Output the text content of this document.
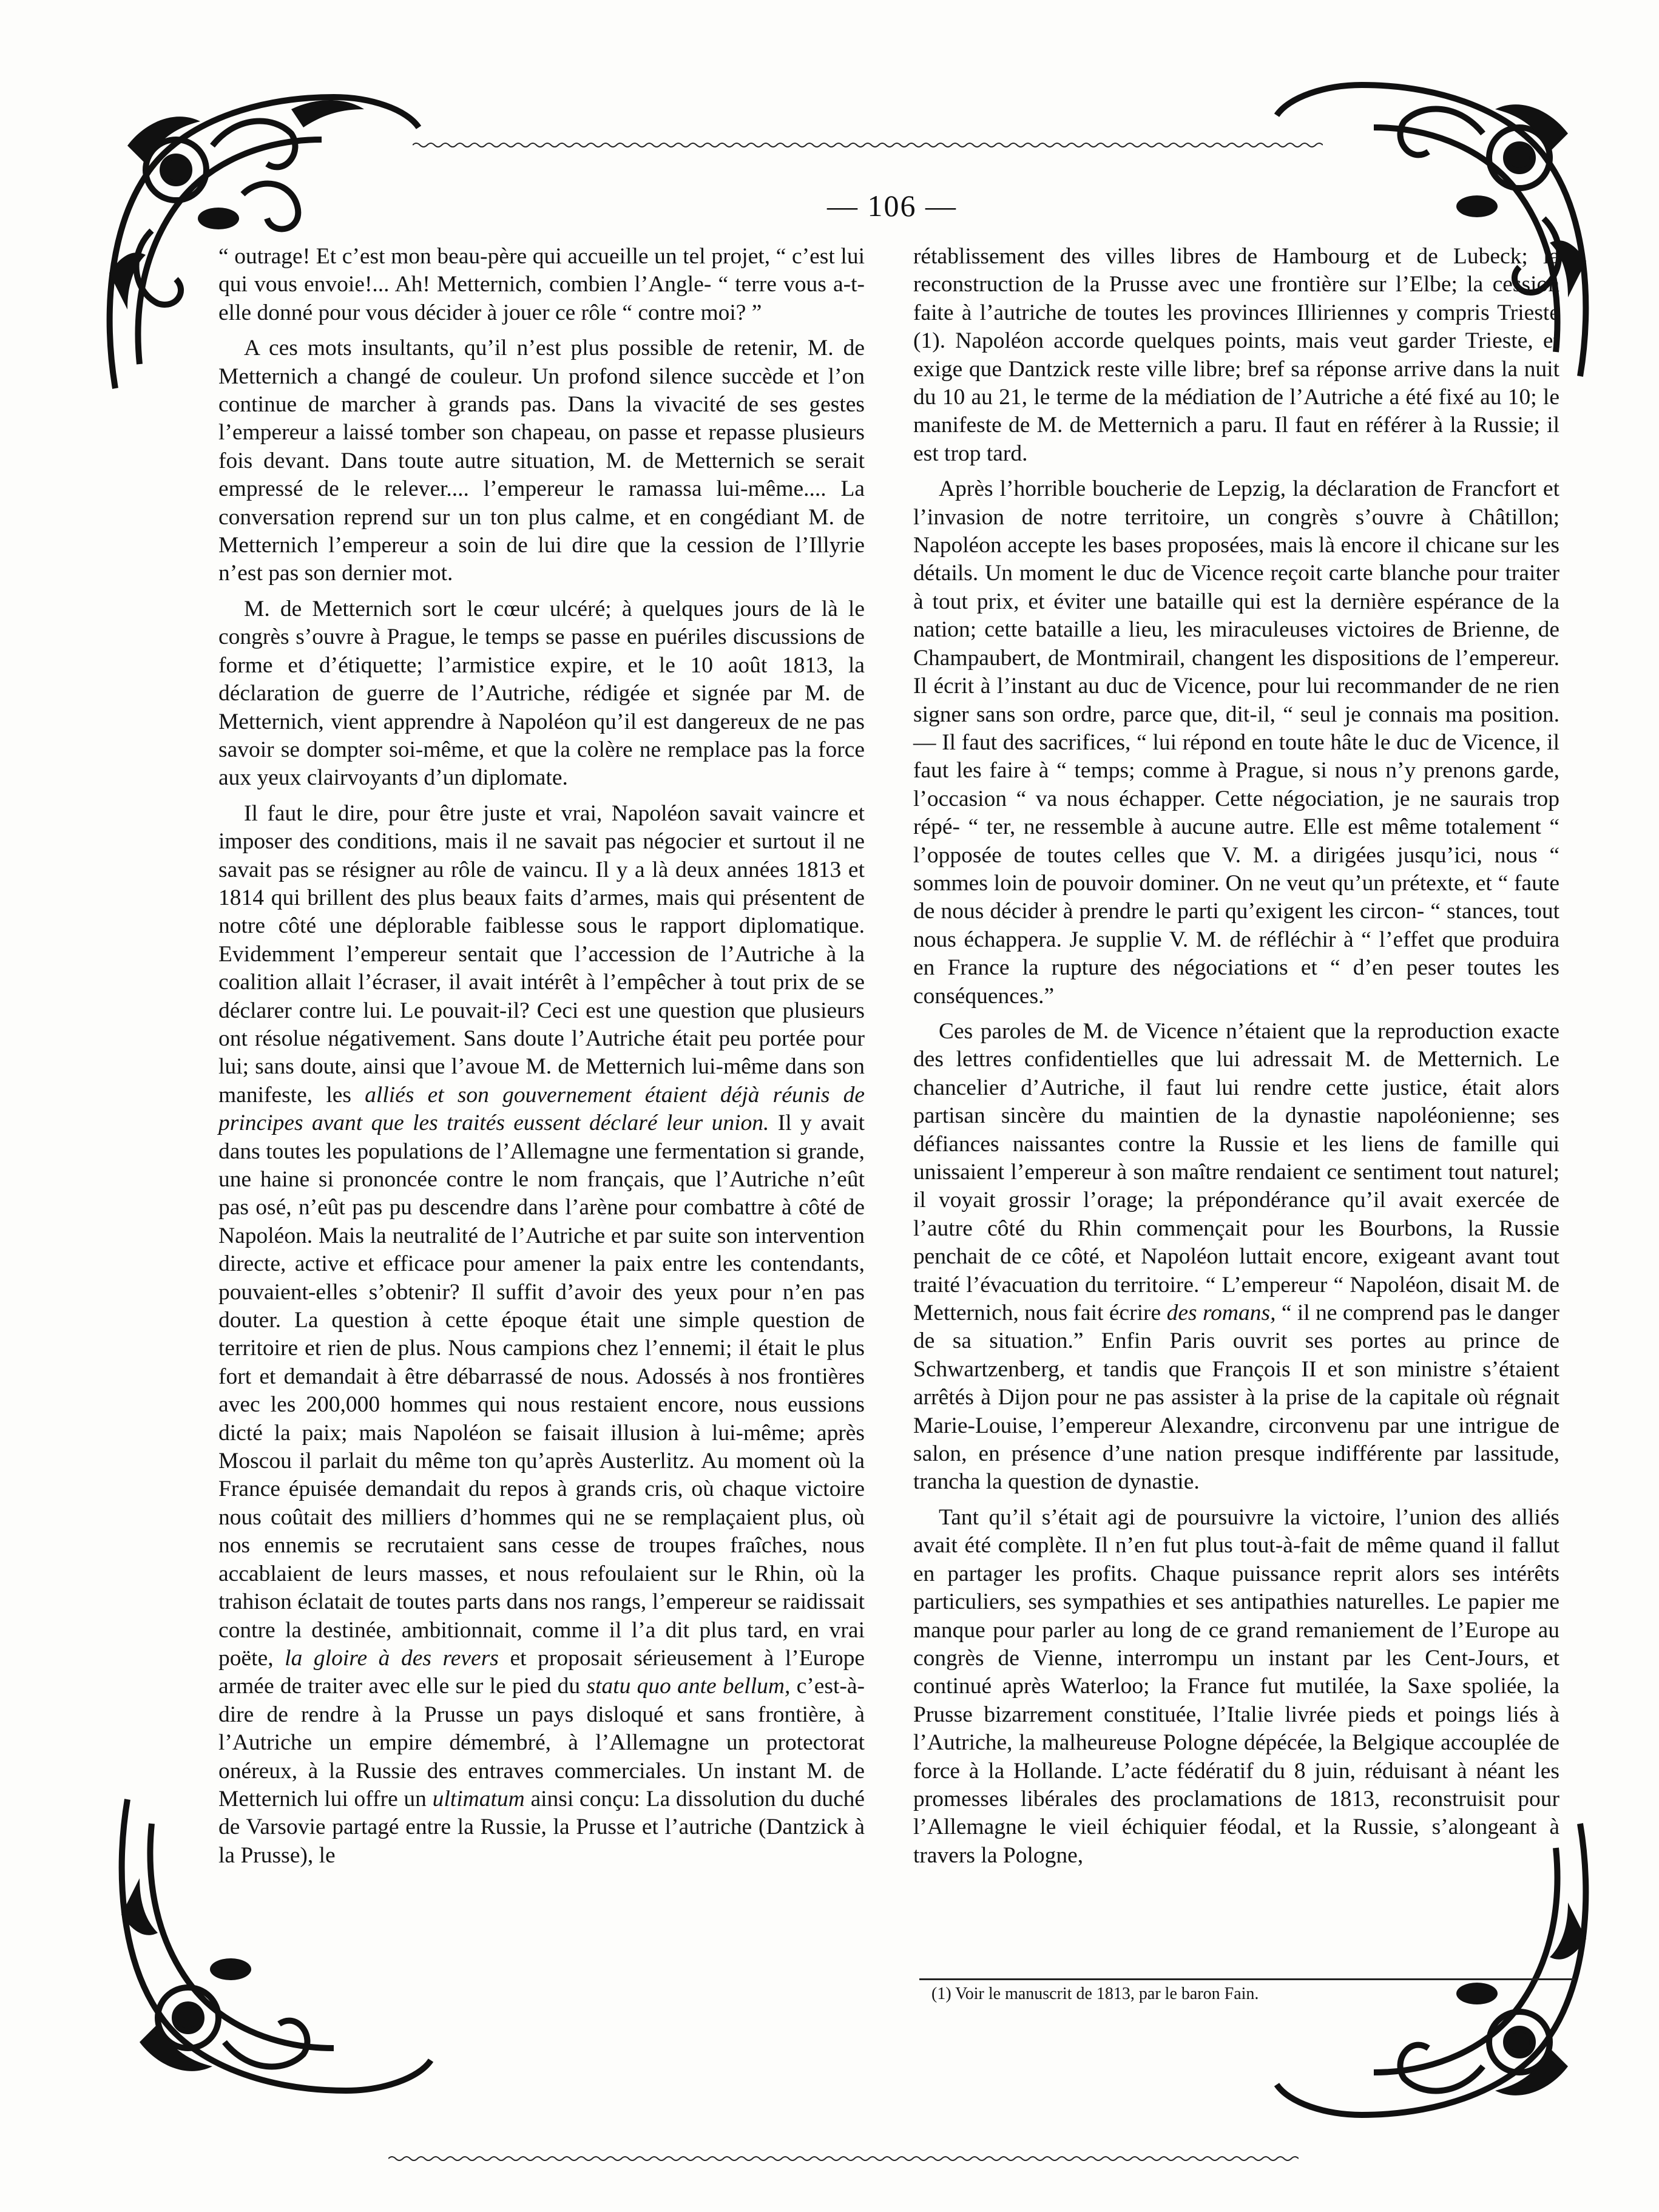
— 106 —

“ outrage! Et c’est mon beau-père qui accueille un tel projet, “ c’est lui qui vous envoie!... Ah! Metternich, combien l’Angle- “ terre vous a-t-elle donné pour vous décider à jouer ce rôle “ contre moi? ”

A ces mots insultants, qu’il n’est plus possible de retenir, M. de Metternich a changé de couleur. Un profond silence succède et l’on continue de marcher à grands pas. Dans la vivacité de ses gestes l’empereur a laissé tomber son chapeau, on passe et repasse plusieurs fois devant. Dans toute autre situation, M. de Metternich se serait empressé de le relever.... l’empereur le ramassa lui-même.... La conversation reprend sur un ton plus calme, et en congédiant M. de Metternich l’empereur a soin de lui dire que la cession de l’Illyrie n’est pas son dernier mot.

M. de Metternich sort le cœur ulcéré; à quelques jours de là le congrès s’ouvre à Prague, le temps se passe en puériles discussions de forme et d’étiquette; l’armistice expire, et le 10 août 1813, la déclaration de guerre de l’Autriche, rédigée et signée par M. de Metternich, vient apprendre à Napoléon qu’il est dangereux de ne pas savoir se dompter soi-même, et que la colère ne remplace pas la force aux yeux clairvoyants d’un diplomate.

Il faut le dire, pour être juste et vrai, Napoléon savait vaincre et imposer des conditions, mais il ne savait pas négocier et surtout il ne savait pas se résigner au rôle de vaincu. Il y a là deux années 1813 et 1814 qui brillent des plus beaux faits d’armes, mais qui présentent de notre côté une déplorable faiblesse sous le rapport diplomatique. Evidemment l’empereur sentait que l’accession de l’Autriche à la coalition allait l’écraser, il avait intérêt à l’empêcher à tout prix de se déclarer contre lui. Le pouvait-il? Ceci est une question que plusieurs ont résolue négativement. Sans doute l’Autriche était peu portée pour lui; sans doute, ainsi que l’avoue M. de Metternich lui-même dans son manifeste, les alliés et son gouvernement étaient déjà réunis de principes avant que les traités eussent déclaré leur union. Il y avait dans toutes les populations de l’Allemagne une fermentation si grande, une haine si prononcée contre le nom français, que l’Autriche n’eût pas osé, n’eût pas pu descendre dans l’arène pour combattre à côté de Napoléon. Mais la neutralité de l’Autriche et par suite son intervention directe, active et efficace pour amener la paix entre les contendants, pouvaient-elles s’obtenir? Il suffit d’avoir des yeux pour n’en pas douter. La question à cette époque était une simple question de territoire et rien de plus. Nous campions chez l’ennemi; il était le plus fort et demandait à être débarrassé de nous. Adossés à nos frontières avec les 200,000 hommes qui nous restaient encore, nous eussions dicté la paix; mais Napoléon se faisait illusion à lui-même; après Moscou il parlait du même ton qu’après Austerlitz. Au moment où la France épuisée demandait du repos à grands cris, où chaque victoire nous coûtait des milliers d’hommes qui ne se remplaçaient plus, où nos ennemis se recrutaient sans cesse de troupes fraîches, nous accablaient de leurs masses, et nous refoulaient sur le Rhin, où la trahison éclatait de toutes parts dans nos rangs, l’empereur se raidissait contre la destinée, ambitionnait, comme il l’a dit plus tard, en vrai poëte, la gloire à des revers et proposait sérieusement à l’Europe armée de traiter avec elle sur le pied du statu quo ante bellum, c’est-à-dire de rendre à la Prusse un pays disloqué et sans frontière, à l’Autriche un empire démembré, à l’Allemagne un protectorat onéreux, à la Russie des entraves commerciales. Un instant M. de Metternich lui offre un ultimatum ainsi conçu: La dissolution du duché de Varsovie partagé entre la Russie, la Prusse et l’autriche (Dantzick à la Prusse), le

rétablissement des villes libres de Hambourg et de Lubeck; la reconstruction de la Prusse avec une frontière sur l’Elbe; la cession faite à l’autriche de toutes les provinces Illiriennes y compris Trieste (1). Napoléon accorde quelques points, mais veut garder Trieste, et exige que Dantzick reste ville libre; bref sa réponse arrive dans la nuit du 10 au 21, le terme de la médiation de l’Autriche a été fixé au 10; le manifeste de M. de Metternich a paru. Il faut en référer à la Russie; il est trop tard.

Après l’horrible boucherie de Lepzig, la déclaration de Francfort et l’invasion de notre territoire, un congrès s’ouvre à Châtillon; Napoléon accepte les bases proposées, mais là encore il chicane sur les détails. Un moment le duc de Vicence reçoit carte blanche pour traiter à tout prix, et éviter une bataille qui est la dernière espérance de la nation; cette bataille a lieu, les miraculeuses victoires de Brienne, de Champaubert, de Montmirail, changent les dispositions de l’empereur. Il écrit à l’instant au duc de Vicence, pour lui recommander de ne rien signer sans son ordre, parce que, dit-il, “ seul je connais ma position. — Il faut des sacrifices, “ lui répond en toute hâte le duc de Vicence, il faut les faire à “ temps; comme à Prague, si nous n’y prenons garde, l’occasion “ va nous échapper. Cette négociation, je ne saurais trop répé- “ ter, ne ressemble à aucune autre. Elle est même totalement “ l’opposée de toutes celles que V. M. a dirigées jusqu’ici, nous “ sommes loin de pouvoir dominer. On ne veut qu’un prétexte, et “ faute de nous décider à prendre le parti qu’exigent les circon- “ stances, tout nous échappera. Je supplie V. M. de réfléchir à “ l’effet que produira en France la rupture des négociations et “ d’en peser toutes les conséquences.”

Ces paroles de M. de Vicence n’étaient que la reproduction exacte des lettres confidentielles que lui adressait M. de Metternich. Le chancelier d’Autriche, il faut lui rendre cette justice, était alors partisan sincère du maintien de la dynastie napoléonienne; ses défiances naissantes contre la Russie et les liens de famille qui unissaient l’empereur à son maître rendaient ce sentiment tout naturel; il voyait grossir l’orage; la prépondérance qu’il avait exercée de l’autre côté du Rhin commençait pour les Bourbons, la Russie penchait de ce côté, et Napoléon luttait encore, exigeant avant tout traité l’évacuation du territoire. “ L’empereur “ Napoléon, disait M. de Metternich, nous fait écrire des romans, “ il ne comprend pas le danger de sa situation.” Enfin Paris ouvrit ses portes au prince de Schwartzenberg, et tandis que François II et son ministre s’étaient arrêtés à Dijon pour ne pas assister à la prise de la capitale où régnait Marie-Louise, l’empereur Alexandre, circonvenu par une intrigue de salon, en présence d’une nation presque indifférente par lassitude, trancha la question de dynastie.

Tant qu’il s’était agi de poursuivre la victoire, l’union des alliés avait été complète. Il n’en fut plus tout-à-fait de même quand il fallut en partager les profits. Chaque puissance reprit alors ses intérêts particuliers, ses sympathies et ses antipathies naturelles. Le papier me manque pour parler au long de ce grand remaniement de l’Europe au congrès de Vienne, interrompu un instant par les Cent-Jours, et continué après Waterloo; la France fut mutilée, la Saxe spoliée, la Prusse bizarrement constituée, l’Italie livrée pieds et poings liés à l’Autriche, la malheureuse Pologne dépécée, la Belgique accouplée de force à la Hollande. L’acte fédératif du 8 juin, réduisant à néant les promesses libérales des proclamations de 1813, reconstruisit pour l’Allemagne le vieil échiquier féodal, et la Russie, s’alongeant à travers la Pologne,

(1) Voir le manuscrit de 1813, par le baron Fain.
